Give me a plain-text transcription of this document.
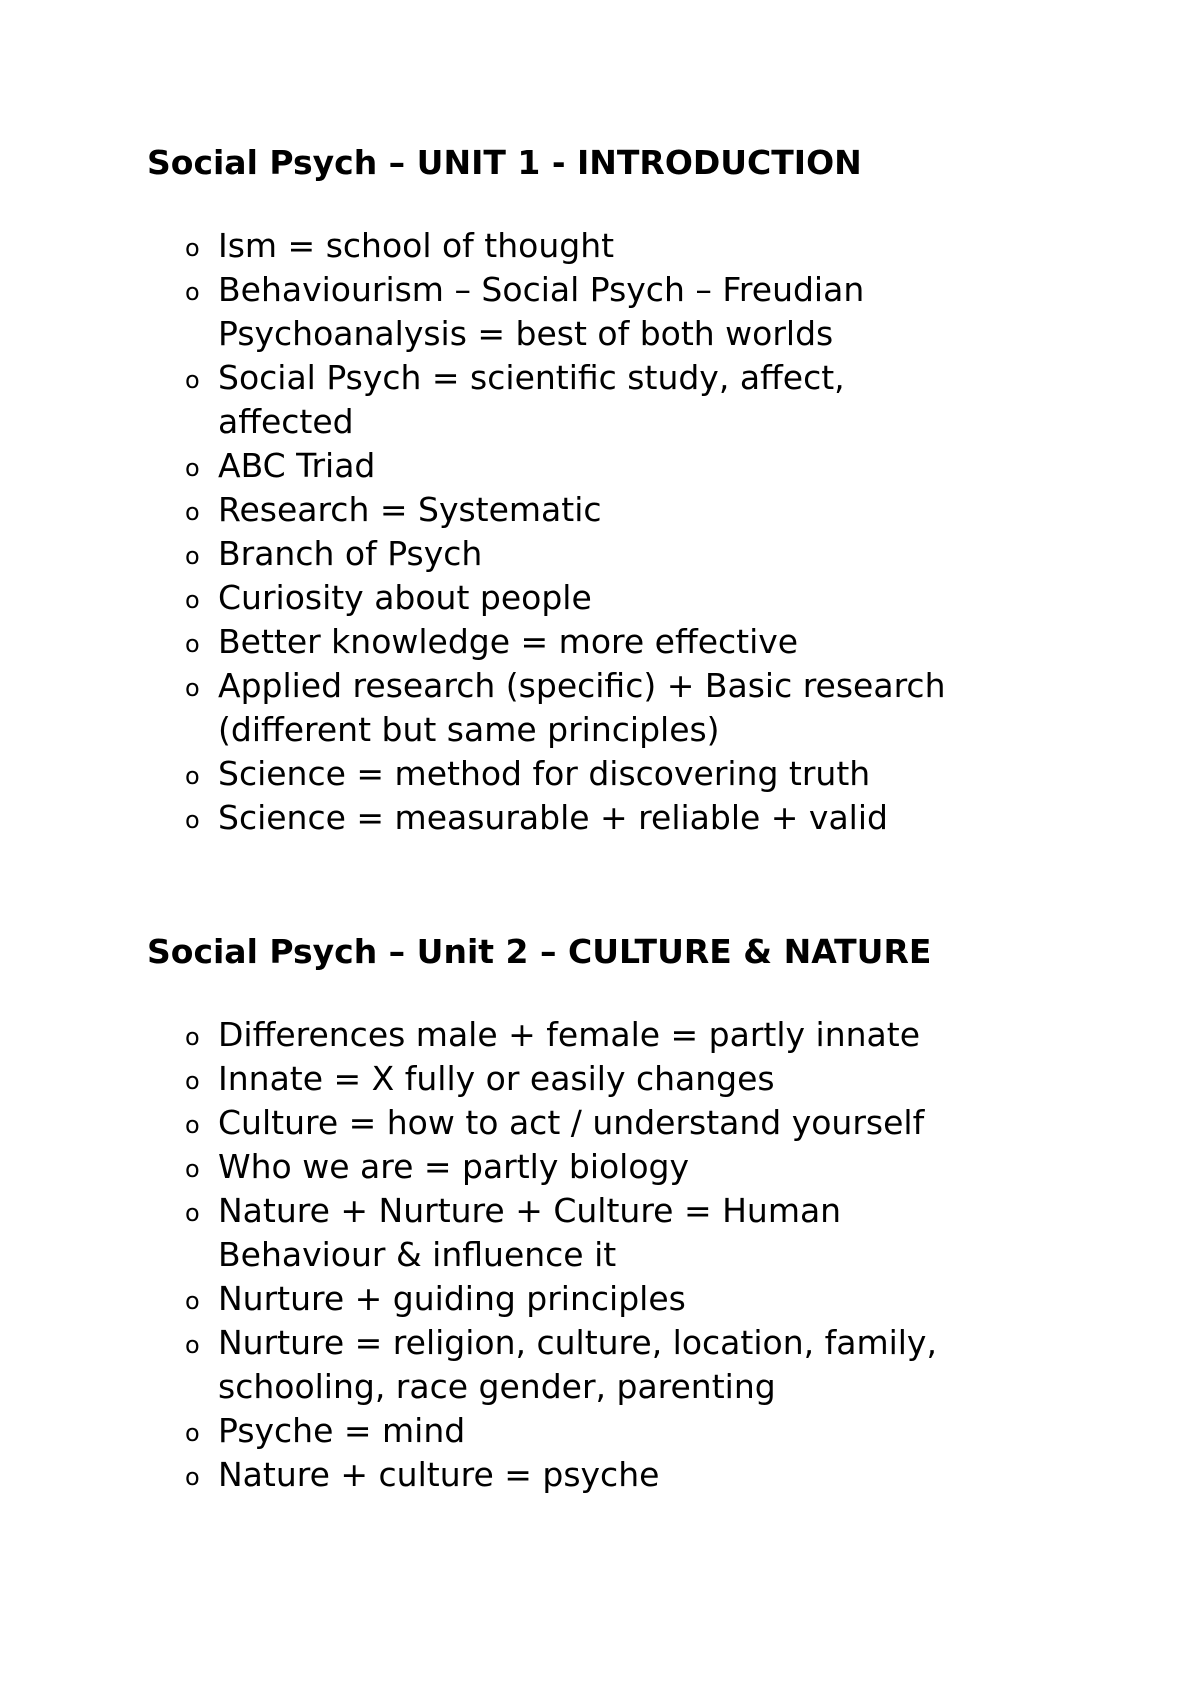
Social Psych – UNIT 1 - INTRODUCTION
o Ism = school of thought
o Behaviourism – Social Psych – Freudian Psychoanalysis = best of both worlds
o Social Psych = scientific study, affect, affected
o ABC Triad
o Research = Systematic
o Branch of Psych
o Curiosity about people
o Better knowledge = more effective
o Applied research (specific) + Basic research (different but same principles)
o Science = method for discovering truth
o Science = measurable + reliable + valid
Social Psych – Unit 2 – CULTURE & NATURE
o Differences male + female = partly innate
o Innate = X fully or easily changes
o Culture = how to act / understand yourself
o Who we are = partly biology
o Nature + Nurture + Culture = Human Behaviour & influence it
o Nurture + guiding principles
o Nurture = religion, culture, location, family, schooling, race gender, parenting
o Psyche = mind
o Nature + culture = psyche
